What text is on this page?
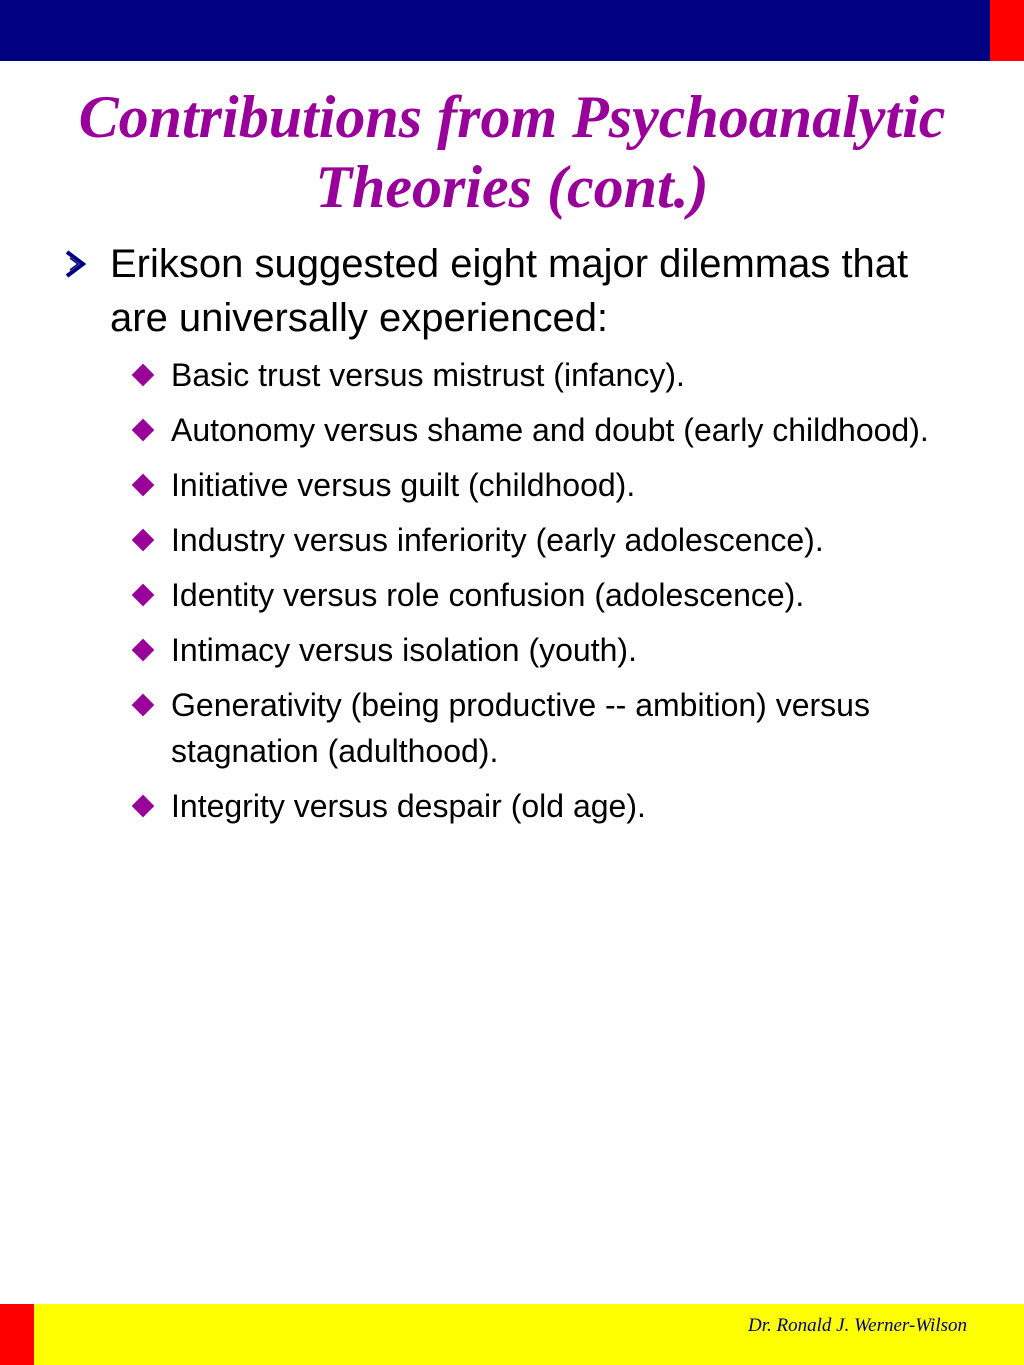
Contributions from Psychoanalytic Theories (cont.)
Erikson suggested eight major dilemmas that are universally experienced:
Basic trust versus mistrust (infancy).
Autonomy versus shame and doubt (early childhood).
Initiative versus guilt (childhood).
Industry versus inferiority (early adolescence).
Identity versus role confusion (adolescence).
Intimacy versus isolation (youth).
Generativity (being productive -- ambition) versus stagnation (adulthood).
Integrity versus despair (old age).
Dr. Ronald J. Werner-Wilson
